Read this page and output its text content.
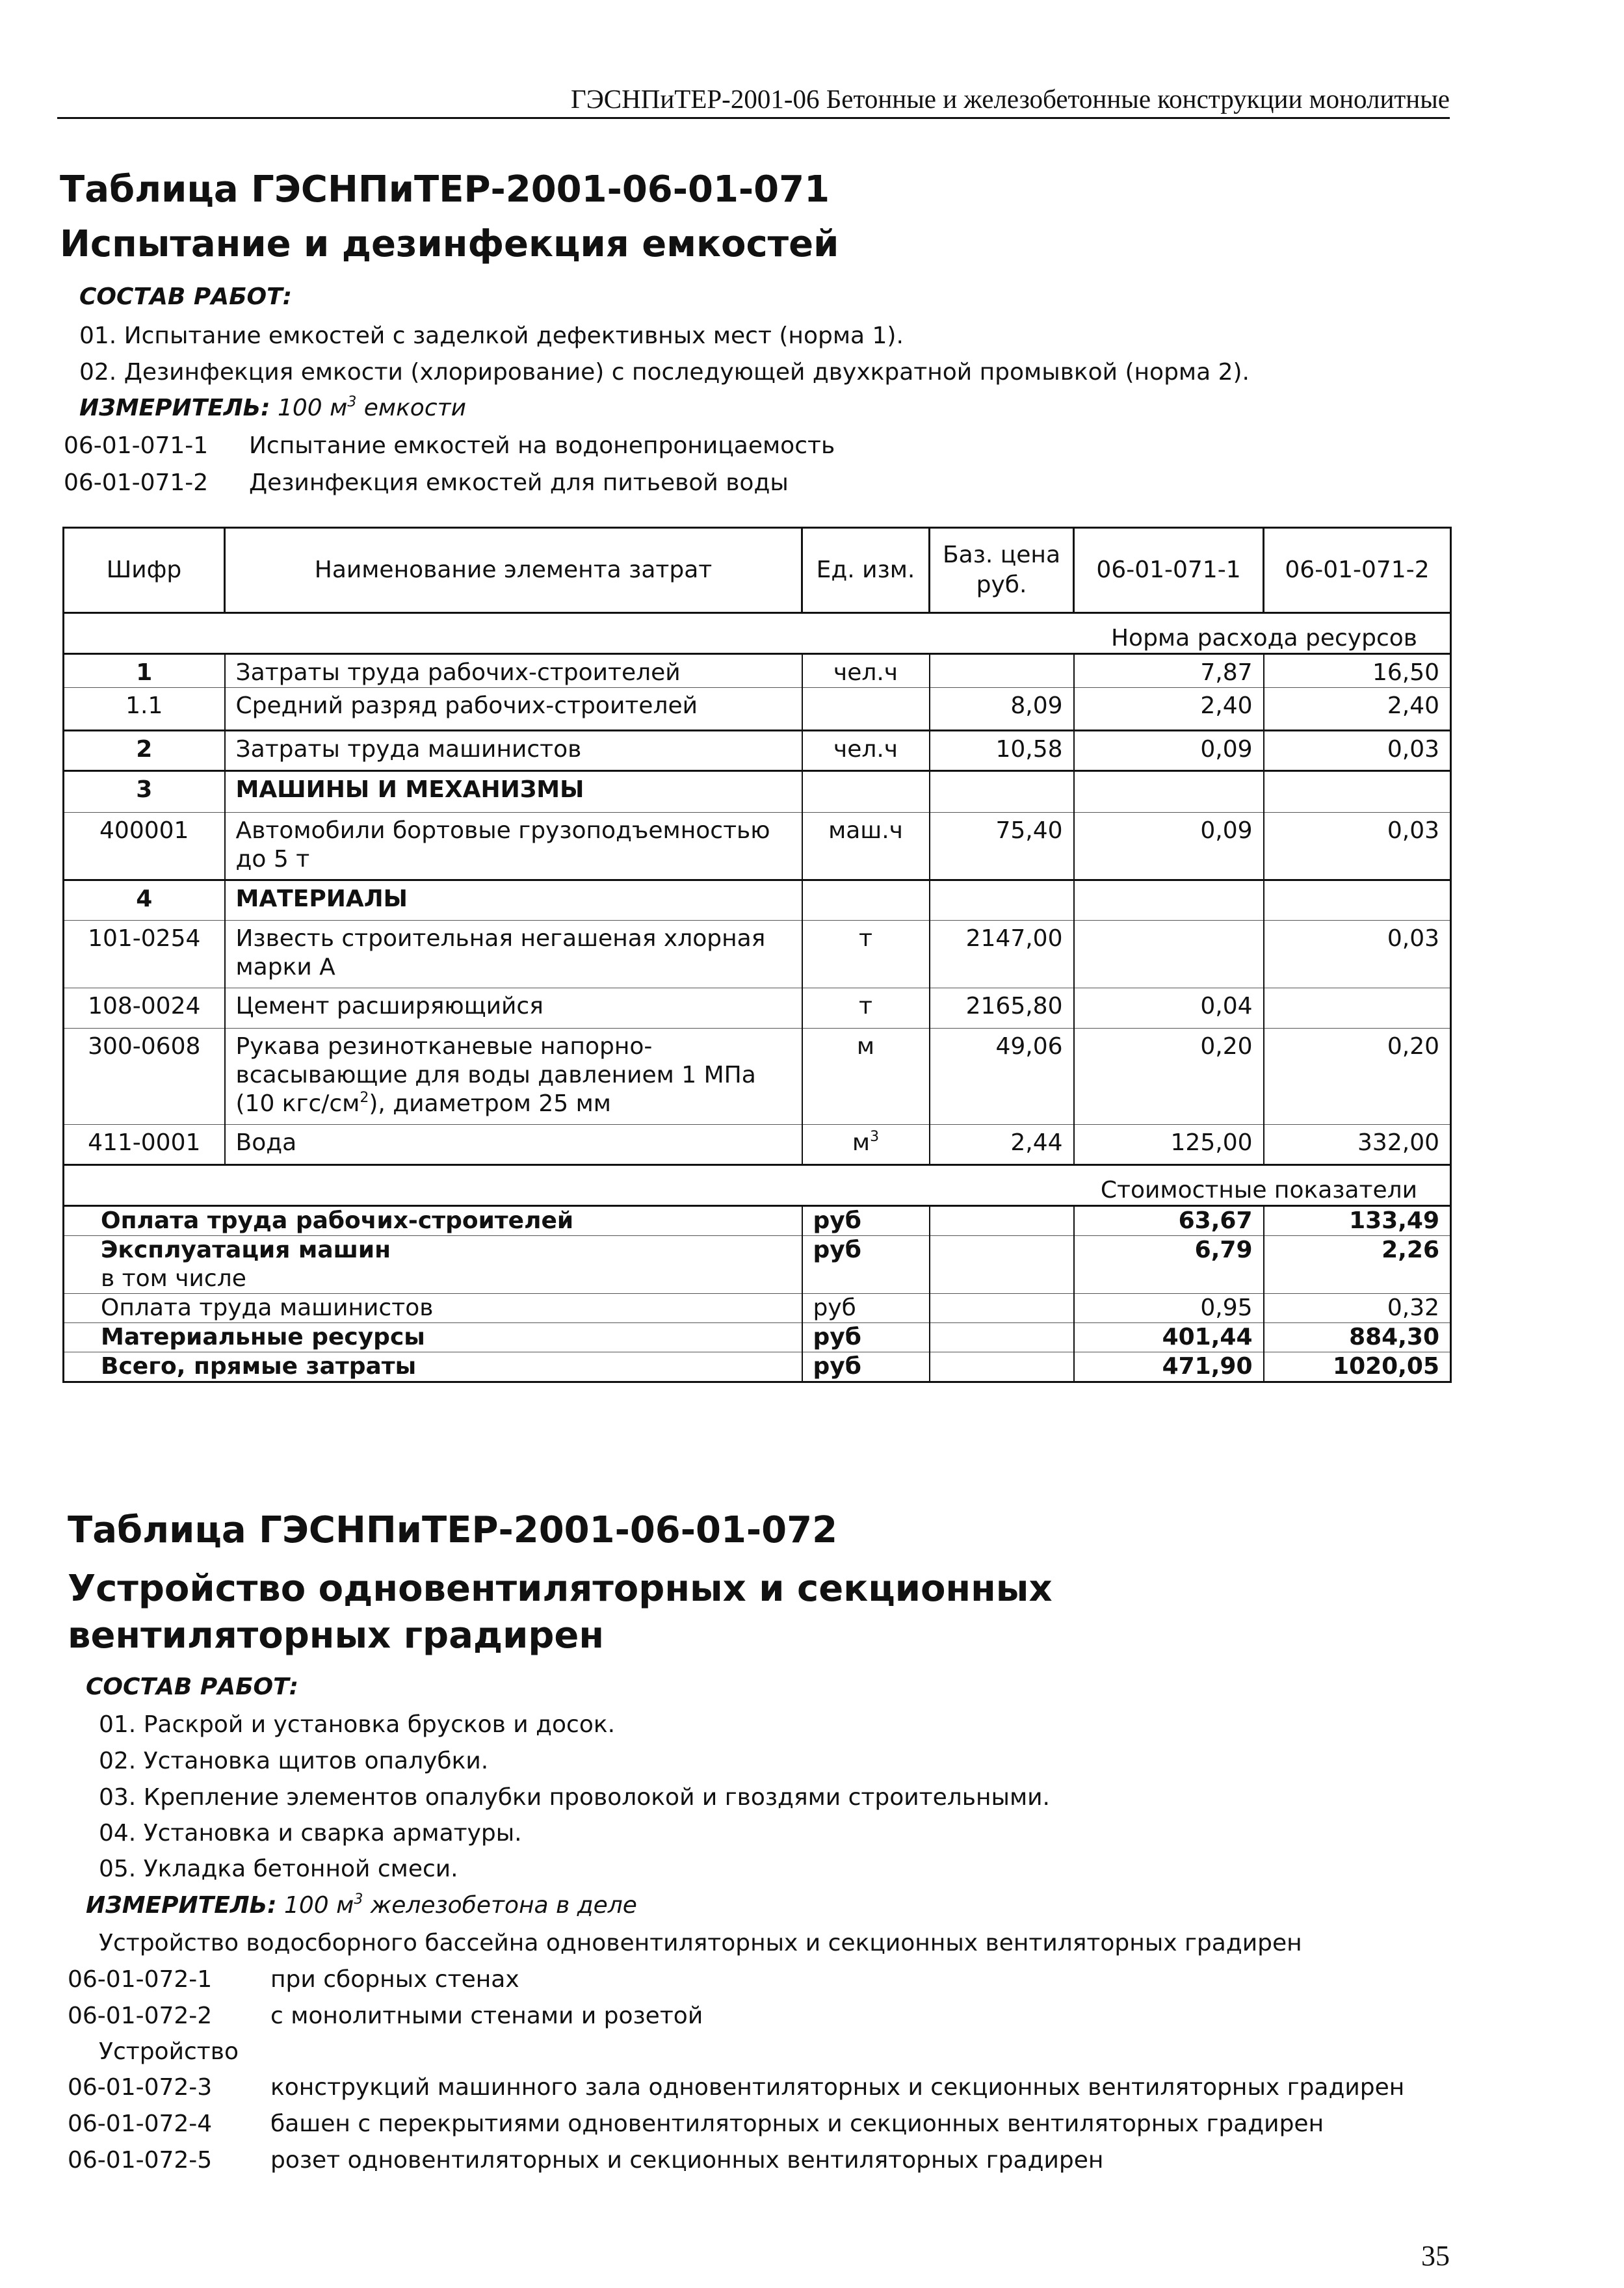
ГЭСНПиТЕР-2001-06 Бетонные и железобетонные конструкции монолитные
Таблица ГЭСНПиТЕР-2001-06-01-071
Испытание и дезинфекция емкостей
СОСТАВ РАБОТ:
01. Испытание емкостей с заделкой дефективных мест (норма 1).
02. Дезинфекция емкости (хлорирование) с последующей двухкратной промывкой (норма 2).
ИЗМЕРИТЕЛЬ: 100 $м^3$ емкости
06-01-071-1 Испытание емкостей на водонепроницаемость
06-01-071-2 Дезинфекция емкостей для питьевой воды
Шифр	Наименование элемента затрат	Ед. изм.	Баз. цена руб.	06-01-071-1	06-01-071-2
Норма расхода ресурсов					
1	Затраты труда рабочих-строителей	чел.ч		7,87	16,50
1.1	Средний разряд рабочих-строителей		8,09	2,40	2,40
2	Затраты труда машинистов	чел.ч	10,58	0,09	0,03
3	МАШИНЫ И МЕХАНИЗМЫ				
400001	Автомобили бортовые грузоподъемностью до 5 т	маш.ч	75,40	0,09	0,03
4	МАТЕРИАЛЫ				
101-0254	Известь строительная негашеная хлорная марки А	т	2147,00		0,03
108-0024	Цемент расширяющийся	т	2165,80	0,04	
300-0608	Рукава резинотканевые напорно-всасывающие для воды давлением 1 МПа (10 кгс/$см^2$), диаметром 25 мм	м	49,06	0,20	0,20
411-0001	Вода	$м^3$	2,44	125,00	332,00
Стоимостные показатели					
Оплата труда рабочих-строителей		руб		63,67	133,49
Эксплуатация машин		руб		6,79	2,26
в том числе					
Оплата труда машинистов		руб		0,95	0,32
Материальные ресурсы		руб		401,44	884,30
Всего, прямые затраты		руб		471,90	1020,05
Таблица ГЭСНПиТЕР-2001-06-01-072
Устройство одновентиляторных и секционных вентиляторных градирен
СОСТАВ РАБОТ:
01. Раскрой и установка брусков и досок.
02. Установка щитов опалубки.
03. Крепление элементов опалубки проволокой и гвоздями строительными.
04. Установка и сварка арматуры.
05. Укладка бетонной смеси.
ИЗМЕРИТЕЛЬ: 100 $м^3$ железобетона в деле
Устройство водосборного бассейна одновентиляторных и секционных вентиляторных градирен
06-01-072-1 при сборных стенах
06-01-072-2 с монолитными стенами и розетой
Устройство
06-01-072-3 конструкций машинного зала одновентиляторных и секционных вентиляторных градирен
06-01-072-4 башен с перекрытиями одновентиляторных и секционных вентиляторных градирен
06-01-072-5 розет одновентиляторных и секционных вентиляторных градирен
35
